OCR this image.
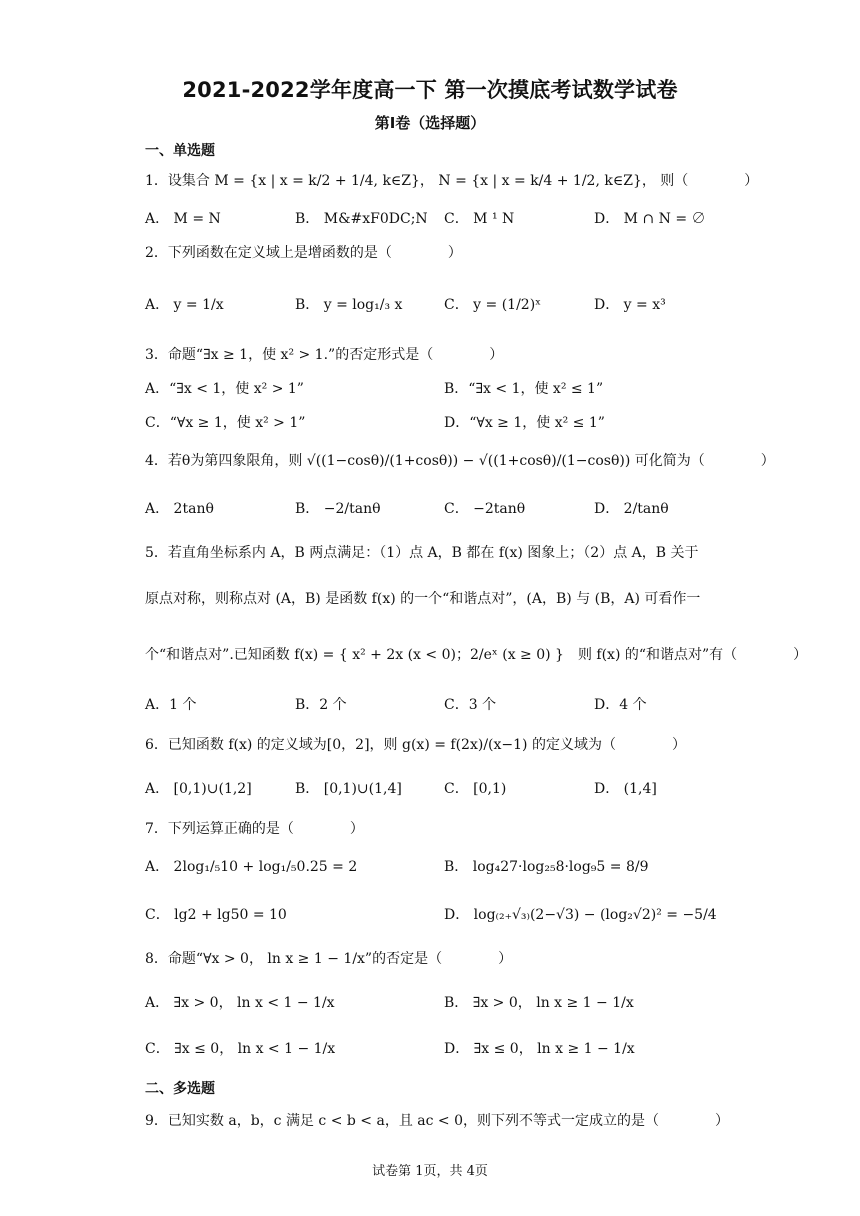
2021-2022学年度高一下 第一次摸底考试数学试卷
第Ⅰ卷（选择题）
一、单选题
1．设集合 M = {x | x = k/2 + 1/4, k∈Z}， N = {x | x = k/4 + 1/2, k∈Z}， 则（　　　　）
A． M = N	B． M&#xF0DC;N C． M ¹ N	D． M ∩ N = ∅
2．下列函数在定义域上是增函数的是（　　　　）
A． y = 1/x	B． y = log₁/₃ x	C． y = (1/2)ˣ	D． y = x³
3．命题“∃x ≥ 1，使 x² > 1.”的否定形式是（　　　　）
A．“∃x < 1，使 x² > 1”	B．“∃x < 1，使 x² ≤ 1”
C．“∀x ≥ 1，使 x² > 1”	D．“∀x ≥ 1，使 x² ≤ 1”
4．若θ为第四象限角，则 √((1−cosθ)/(1+cosθ)) − √((1+cosθ)/(1−cosθ)) 可化简为（　　　　）
A． 2tanθ	B． −2/tanθ	C． −2tanθ	D． 2/tanθ
5．若直角坐标系内 A，B 两点满足：（1）点 A，B 都在 f(x) 图象上；（2）点 A，B 关于
原点对称，则称点对 (A，B) 是函数 f(x) 的一个“和谐点对”，(A，B) 与 (B，A) 可看作一
个“和谐点对”.已知函数 f(x) = { x² + 2x (x < 0)；2/eˣ (x ≥ 0) }　则 f(x) 的“和谐点对”有（　　　　）
A．1 个	B．2 个	C．3 个	D．4 个
6．已知函数 f(x) 的定义域为[0，2]，则 g(x) = f(2x)/(x−1) 的定义域为（　　　　）
A． [0,1)∪(1,2]	B． [0,1)∪(1,4]	C． [0,1)	D． (1,4]
7．下列运算正确的是（　　　　）
A． 2log₁/₅10 + log₁/₅0.25 = 2	B． log₄27·log₂₅8·log₉5 = 8/9
C． lg2 + lg50 = 10	D． log₍₂₊√₃₎(2−√3) − (log₂√2)² = −5/4
8．命题“∀x > 0， ln x ≥ 1 − 1/x”的否定是（　　　　）
A． ∃x > 0， ln x < 1 − 1/x	B． ∃x > 0， ln x ≥ 1 − 1/x
C． ∃x ≤ 0， ln x < 1 − 1/x	D． ∃x ≤ 0， ln x ≥ 1 − 1/x
二、多选题
9．已知实数 a，b，c 满足 c < b < a，且 ac < 0，则下列不等式一定成立的是（　　　　）
试卷第 1页，共 4页
